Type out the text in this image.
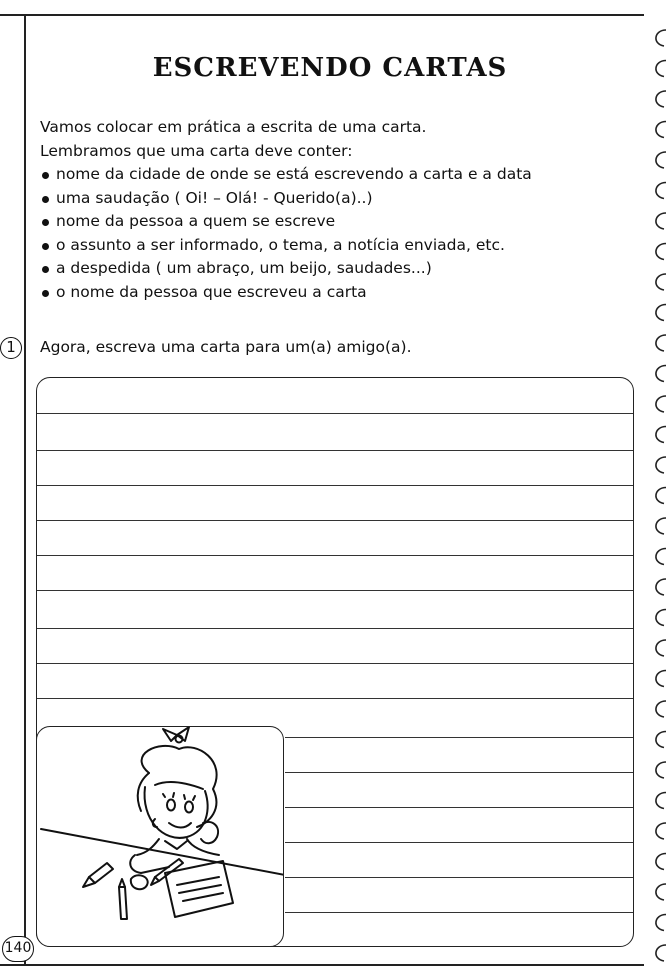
ESCREVENDO CARTAS

Vamos colocar em prática a escrita de uma carta.

Lembramos que uma carta deve conter:

nome da cidade de onde se está escrevendo a carta e a data
uma saudação ( Oi! – Olá! - Querido(a)..)
nome da pessoa a quem se escreve
o assunto a ser informado, o tema, a notícia enviada, etc.
a despedida ( um abraço, um beijo, saudades...)
o nome da pessoa que escreveu a carta
1	Agora, escreva uma carta para um(a) amigo(a).
140
